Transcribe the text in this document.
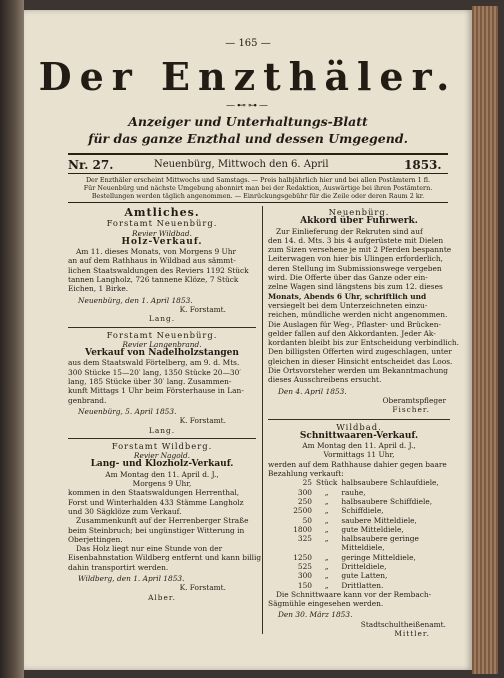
— 165 —
Der Enzthäler.
—⊷⊶—
Anzeiger und Unterhaltungs-Blatt
für das ganze Enzthal und dessen Umgegend.
Nr. 27.	Neuenbürg, Mittwoch den 6. April	1853.
Der Enzthäler erscheint Mittwochs und Samstags. — Preis halbjährlich hier und bei allen Postämtern 1 fl.
Für Neuenbürg und nächste Umgebung abonnirt man bei der Redaktion, Auswärtige bei ihren Postämtern.
Bestellungen werden täglich angenommen. — Einrückungsgebühr für die Zeile oder deren Raum 2 kr.
Amtliches.
Forstamt Neuenbürg.
Revier Wildbad.
Holz-Verkauf.
Am 11. dieses Monats, von Morgens 9 Uhr
an auf dem Rathhaus in Wildbad aus sämmt-
lichen Staatswaldungen des Reviers 1192 Stück
tannen Langholz, 726 tannene Klöze, 7 Stück
Eichen, 1 Birke.
Neuenbürg, den 1. April 1853.
K. Forstamt.
Lang.
Forstamt Neuenbürg.
Revier Langenbrand.
Verkauf von Nadelholzstangen
aus dem Staatswald Förtelberg, am 9. d. Mts.
300 Stücke 15—20′ lang, 1350 Stücke 20—30′
lang, 185 Stücke über 30′ lang. Zusammen-
kunft Mittags 1 Uhr beim Försterhause in Lan-
genbrand.
Neuenbürg, 5. April 1853.
K. Forstamt.
Lang.
Forstamt Wildberg.
Revier Nagold.
Lang- und Klozholz-Verkauf.
Am Montag den 11. April d. J.,
Morgens 9 Uhr,
kommen in den Staatswaldungen Herrenthal,
Forst und Winterhalden 433 Stämme Langholz
und 30 Sägklöze zum Verkauf.
Zusammenkunft auf der Herrenberger Straße
beim Steinbruch; bei ungünstiger Witterung in
Oberjettingen.
Das Holz liegt nur eine Stunde von der
Eisenbahnstation Wildberg entfernt und kann billig
dahin transportirt werden.
Wildberg, den 1. April 1853.
K. Forstamt.
Alber.
Neuenbürg.
Akkord über Fuhrwerk.
Zur Einlieferung der Rekruten sind auf
den 14. d. Mts. 3 bis 4 aufgerüstete mit Dielen
zum Sizen versehene je mit 2 Pferden bespannte
Leiterwagen von hier bis Ulingen erforderlich,
deren Stellung im Submissionswege vergeben
wird. Die Offerte über das Ganze oder ein-
zelne Wagen sind längstens bis zum 12. dieses
Monats, Abends 6 Uhr, schriftlich und
versiegelt bei dem Unterzeichneten einzu-
reichen, mündliche werden nicht angenommen.
Die Auslagen für Weg-, Pflaster- und Brücken-
gelder fallen auf den Akkordanten. Jeder Ak-
kordanten bleibt bis zur Entscheidung verbindlich.
Den billigsten Offerten wird zugeschlagen, unter
gleichen in dieser Hinsicht entscheidet das Loos.
Die Ortsvorsteher werden um Bekanntmachung
dieses Ausschreibens ersucht.
Den 4. April 1853.
Oberamtspfleger
Fischer.
Wildbad.
Schnittwaaren-Verkauf.
Am Montag den 11. April d. J.,
Vormittags 11 Uhr,
werden auf dem Rathhause dahier gegen baare
Bezahlung verkauft:
25	Stück	halbsaubere Schlaufdiele,
300	„	rauhe,
250	„	halbsaubere Schiffdiele,
2500	„	Schiffdiele,
50	„	saubere Mitteldiele,
1800	„	gute Mitteldiele,
325	„	halbsaubere geringe Mitteldiele,
1250	„	geringe Mitteldiele,
525	„	Dritteldiele,
300	„	gute Latten,
150	„	Drittlatten.
Die Schnittwaare kann vor der Rembach-
Sägmühle eingesehen werden.
Den 30. März 1853.
Stadtschultheißenamt.
Mittler.
